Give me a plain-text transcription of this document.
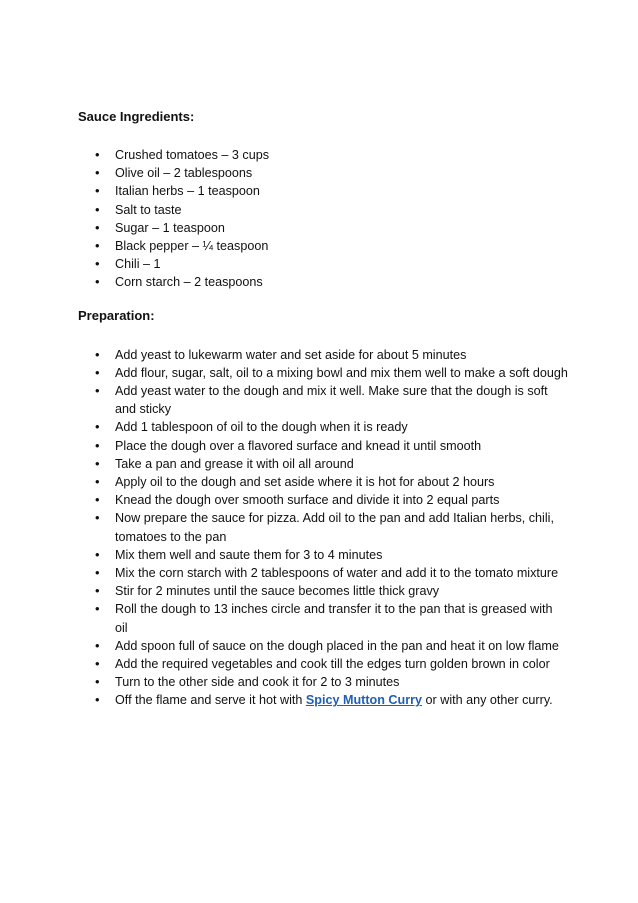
Sauce Ingredients:

•	Crushed tomatoes – 3 cups
•	Olive oil – 2 tablespoons
•	Italian herbs – 1 teaspoon
•	Salt to taste
•	Sugar – 1 teaspoon
•	Black pepper – ¼ teaspoon
•	Chili – 1
•	Corn starch – 2 teaspoons

Preparation:

•	Add yeast to lukewarm water and set aside for about 5 minutes
•	Add flour, sugar, salt, oil to a mixing bowl and mix them well to make a soft dough
•	Add yeast water to the dough and mix it well. Make sure that the dough is soft and sticky
•	Add 1 tablespoon of oil to the dough when it is ready
•	Place the dough over a flavored surface and knead it until smooth
•	Take a pan and grease it with oil all around
•	Apply oil to the dough and set aside where it is hot for about 2 hours
•	Knead the dough over smooth surface and divide it into 2 equal parts
•	Now prepare the sauce for pizza. Add oil to the pan and add Italian herbs, chili, tomatoes to the pan
•	Mix them well and saute them for 3 to 4 minutes
•	Mix the corn starch with 2 tablespoons of water and add it to the tomato mixture
•	Stir for 2 minutes until the sauce becomes little thick gravy
•	Roll the dough to 13 inches circle and transfer it to the pan that is greased with oil
•	Add spoon full of sauce on the dough placed in the pan and heat it on low flame
•	Add the required vegetables and cook till the edges turn golden brown in color
•	Turn to the other side and cook it for 2 to 3 minutes
•	Off the flame and serve it hot with Spicy Mutton Curry or with any other curry.
